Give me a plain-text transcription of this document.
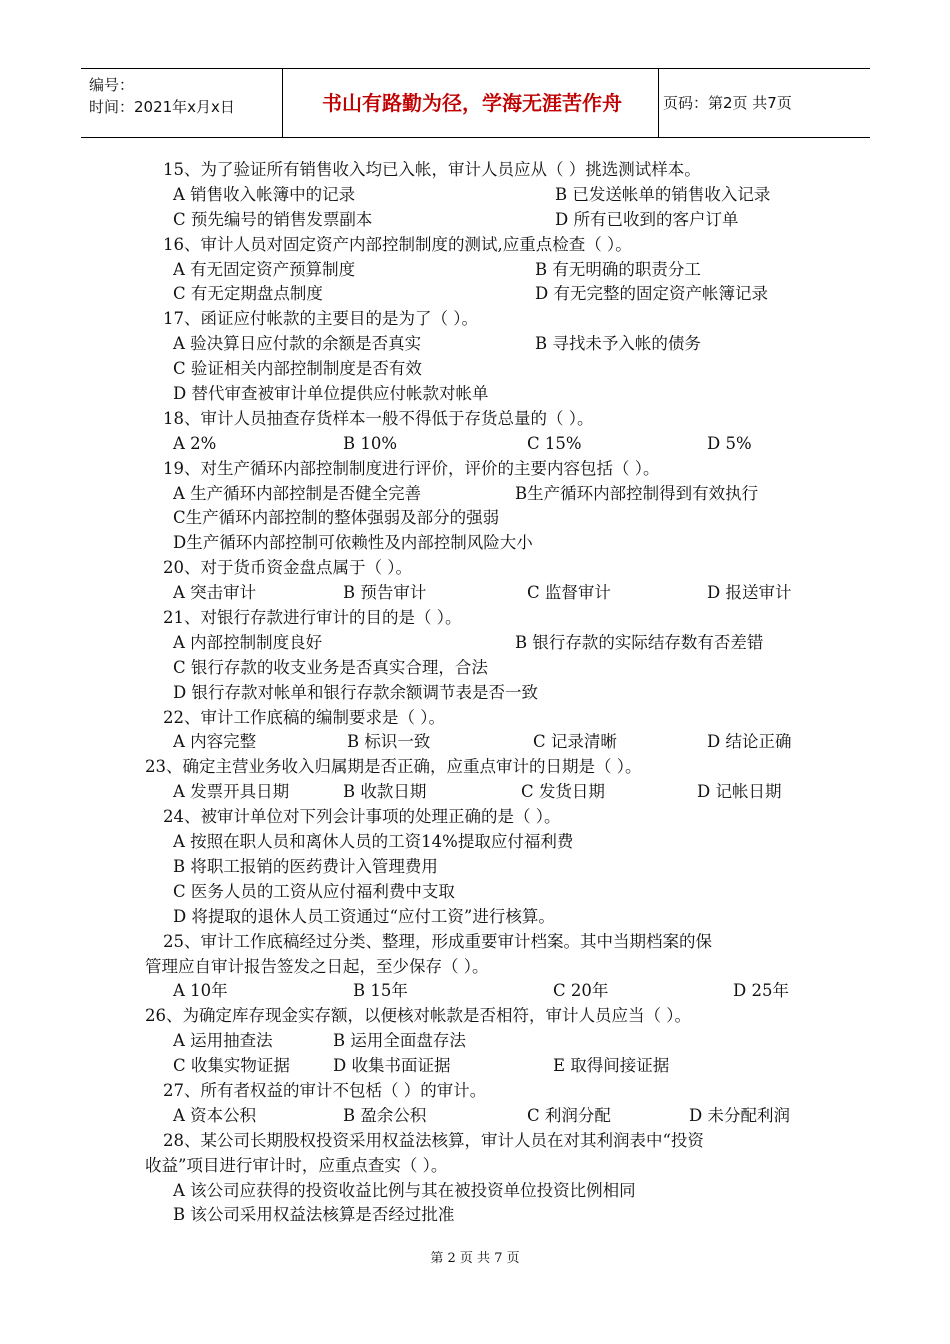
编号：
时间：2021年x月x日	书山有路勤为径，学海无涯苦作舟	页码：第2页 共7页
15、为了验证所有销售收入均已入帐，审计人员应从（ ）挑选测试样本。
A 销售收入帐簿中的记录	B 已发送帐单的销售收入记录
C 预先编号的销售发票副本	D 所有已收到的客户订单
16、审计人员对固定资产内部控制制度的测试,应重点检查（ ）。
A 有无固定资产预算制度	B 有无明确的职责分工
C 有无定期盘点制度	D 有无完整的固定资产帐簿记录
17、函证应付帐款的主要目的是为了（ ）。
A 验决算日应付款的余额是否真实	B 寻找未予入帐的债务
C 验证相关内部控制制度是否有效
D 替代审查被审计单位提供应付帐款对帐单
18、审计人员抽查存货样本一般不得低于存货总量的（ ）。
A 2%	B 10%	C 15%	D 5%
19、对生产循环内部控制制度进行评价，评价的主要内容包括（ ）。
A 生产循环内部控制是否健全完善	B生产循环内部控制得到有效执行
C生产循环内部控制的整体强弱及部分的强弱
D生产循环内部控制可依赖性及内部控制风险大小
20、对于货币资金盘点属于（ ）。
A 突击审计	B 预告审计	C 监督审计	D 报送审计
21、对银行存款进行审计的目的是（ ）。
A 内部控制制度良好	B 银行存款的实际结存数有否差错
C 银行存款的收支业务是否真实合理，合法
D 银行存款对帐单和银行存款余额调节表是否一致
22、审计工作底稿的编制要求是（ ）。
A 内容完整	B 标识一致	C 记录清晰	D 结论正确
23、确定主营业务收入归属期是否正确，应重点审计的日期是（ ）。
A 发票开具日期	B 收款日期	C 发货日期	D 记帐日期
24、被审计单位对下列会计事项的处理正确的是（ ）。
A 按照在职人员和离休人员的工资14%提取应付福利费
B 将职工报销的医药费计入管理费用
C 医务人员的工资从应付福利费中支取
D 将提取的退休人员工资通过“应付工资”进行核算。
25、审计工作底稿经过分类、整理，形成重要审计档案。其中当期档案的保
管理应自审计报告签发之日起，至少保存（ ）。
A 10年	B 15年	C 20年	D 25年
26、为确定库存现金实存额，以便核对帐款是否相符，审计人员应当（ ）。
A 运用抽查法	B 运用全面盘存法
C 收集实物证据	D 收集书面证据	E 取得间接证据
27、所有者权益的审计不包栝（ ）的审计。
A 资本公积	B 盈余公积	C 利润分配	D 未分配利润
28、某公司长期股权投资采用权益法核算，审计人员在对其利润表中“投资
收益”项目进行审计时，应重点查实（ ）。
A 该公司应获得的投资收益比例与其在被投资单位投资比例相同
B 该公司采用权益法核算是否经过批准
第 2 页 共 7 页
